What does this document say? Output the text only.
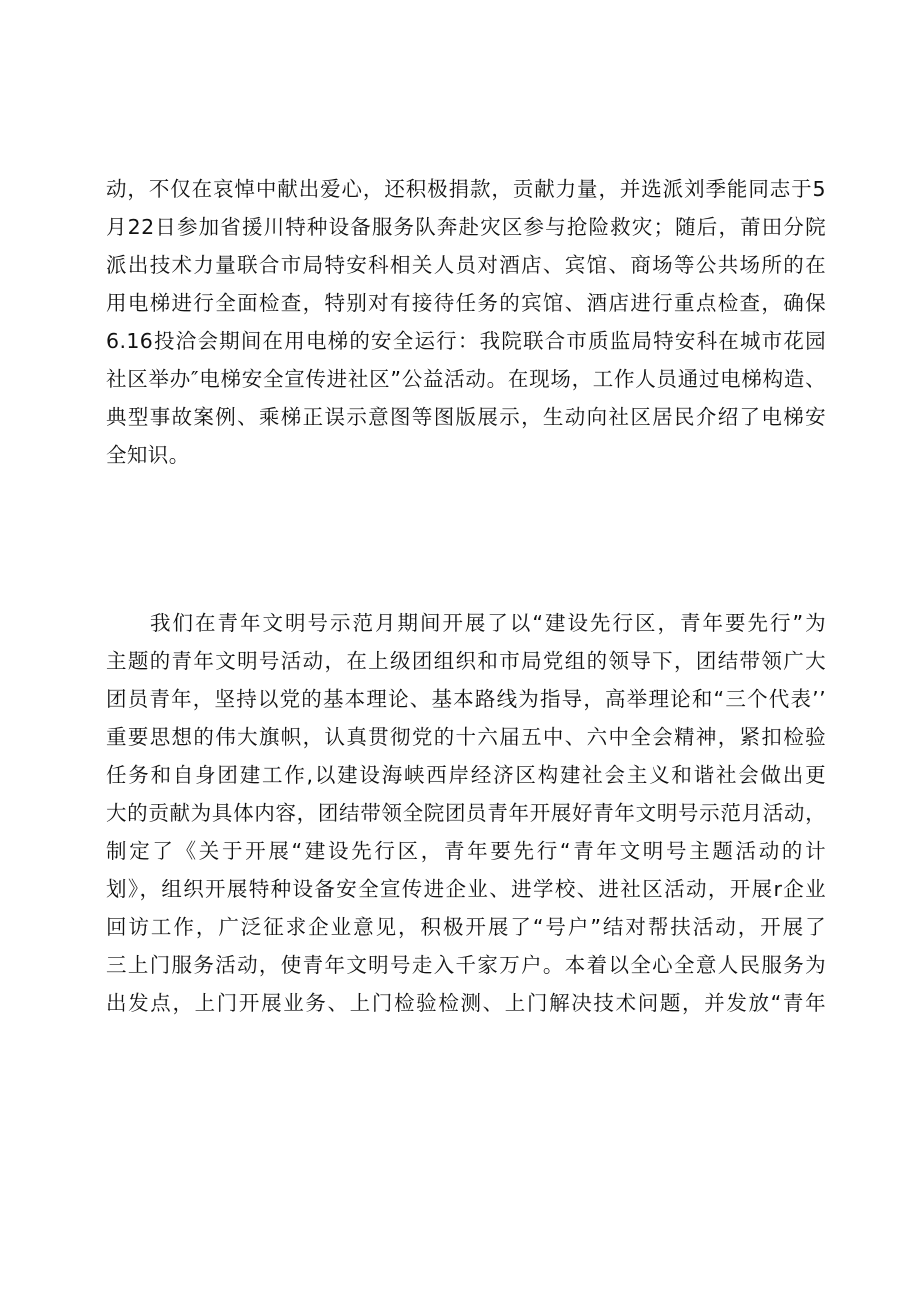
动，不仅在哀悼中献出爱心，还积极捐款，贡献力量，并选派刘季能同志于5
月22日参加省援川特种设备服务队奔赴灾区参与抢险救灾；随后，莆田分院
派出技术力量联合市局特安科相关人员对酒店、宾馆、商场等公共场所的在
用电梯进行全面检查，特别对有接待任务的宾馆、酒店进行重点检查，确保
6.16投洽会期间在用电梯的安全运行：我院联合市质监局特安科在城市花园
社区举办″电梯安全宣传进社区”公益活动。在现场，工作人员通过电梯构造、
典型事故案例、乘梯正误示意图等图版展示，生动向社区居民介绍了电梯安
全知识。
我们在青年文明号示范月期间开展了以“建设先行区，青年要先行”为
主题的青年文明号活动，在上级团组织和市局党组的领导下，团结带领广大
团员青年，坚持以党的基本理论、基本路线为指导，高举理论和“三个代表’’
重要思想的伟大旗帜，认真贯彻党的十六届五中、六中全会精神，紧扣检验
任务和自身团建工作,以建设海峡西岸经济区构建社会主义和谐社会做出更
大的贡献为具体内容，团结带领全院团员青年开展好青年文明号示范月活动，
制定了《关于开展“建设先行区，青年要先行“青年文明号主题活动的计
划》，组织开展特种设备安全宣传进企业、进学校、进社区活动，开展r企业
回访工作，广泛征求企业意见，积极开展了“号户”结对帮扶活动，开展了
三上门服务活动，使青年文明号走入千家万户。本着以全心全意人民服务为
出发点，上门开展业务、上门检验检测、上门解决技术问题，并发放“青年
